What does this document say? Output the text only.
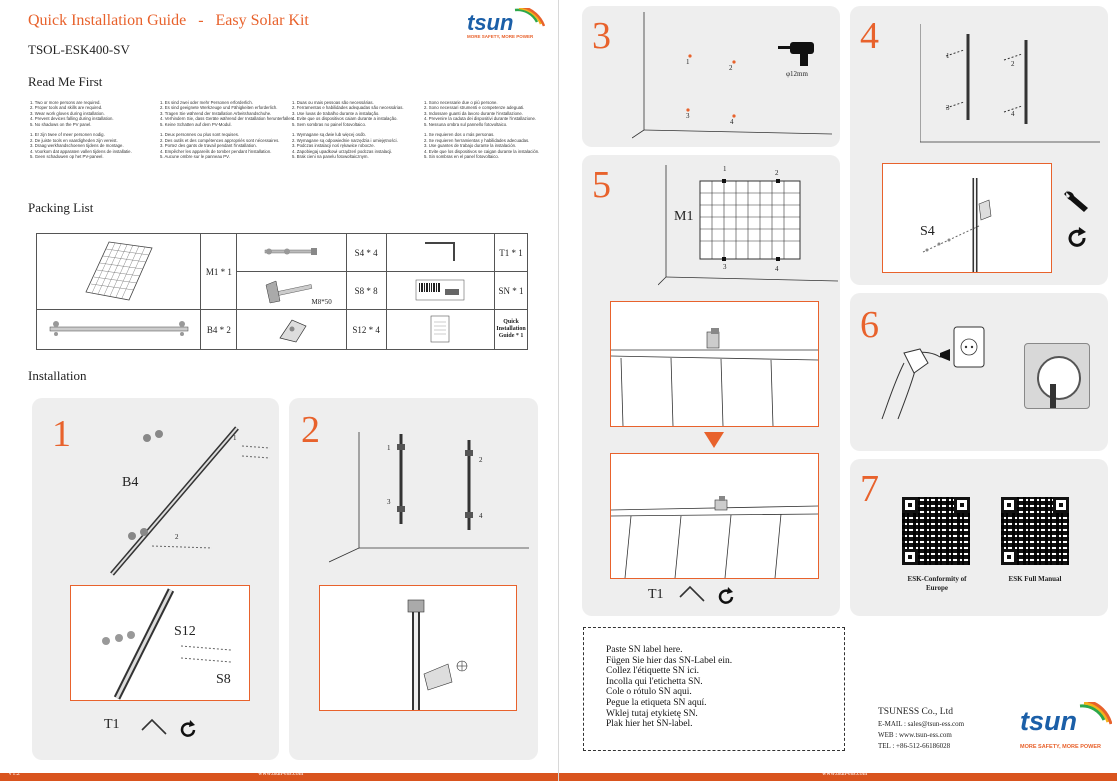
Quick Installation Guide   -   Easy Solar Kit
TSOL-ESK400-SV
tsun
MORE SAFETY, MORE POWER
Read Me First
1. Two or more persons are required.
2. Proper tools and skills are required.
3. Wear work gloves during installation.
4. Prevent devices falling during installation.
5. No shadows on the PV panel.

1. Er zijn twee of meer personen nodig.
2. De juiste tools en vaardigheden zijn vereist.
3. Draag werkhandschoenen tijdens de montage.
4. Voorkom dat apparaten vallen tijdens de installatie.
5. Geen schaduwen op het PV-paneel.
1. Es sind zwei oder mehr Personen erforderlich.
2. Es sind geeignete Werkzeuge und Fähigkeiten erforderlich.
3. Tragen Sie während der Installation Arbeitshandschuhe.
4. Verhindern Sie, dass Geräte während der Installation herunterfallen.
5. Keine Schatten auf dem PV-Modul.

1. Deux personnes ou plus sont requises.
2. Des outils et des compétences appropriés sont nécessaires.
3. Portez des gants de travail pendant l'installation.
4. Empêcher les appareils de tomber pendant l'installation.
5. Aucune ombre sur le panneau PV.
1. Duas ou mais pessoas são necessárias.
2. Ferramentas e habilidades adequadas são necessárias.
3. Use luvas de trabalho durante a instalação.
4. Evite que os dispositivos caiam durante a instalação.
5. Sem sombras no painel fotovoltaico.

1. Wymagane są dwie lub więcej osób.
2. Wymagane są odpowiednie narzędzia i umiejętności.
3. Podczas instalacji noś rękawice robocze.
4. Zapobiegaj upadkowi urządzeń podczas instalacji.
5. Brak cieni na panelu fotowoltaicznym.
1. Sono necessarie due o più persone.
2. Sono necessari strumenti e competenze adeguati.
3. Indossare guanti da lavoro durante l'installazione.
4. Prevenire la caduta dei dispositivi durante l'installazione.
5. Nessuna ombra sul pannello fotovoltaico.

1. Se requieren dos o más personas.
2. Se requieren herramientas y habilidades adecuadas.
3. Use guantes de trabajo durante la instalación.
4. Evite que los dispositivos se caigan durante la instalación.
5. Sin sombras en el panel fotovoltaico.
Packing List
	M1 * 1		S4 * 4		T1 * 1

		M8*50	S8 * 8		SN * 1
	B4 * 2		S12 * 4		Quick Installation Guide * 1
Installation
1
B4
1
2
S12
S8
T1
2	1
2
3
4
V1.2	www.tsun-ess.com	www.tsun-ess.com
3
1
2
3
4
φ12mm
4	1
2
3
4
S4
5
M1
1	2
3	4
T1
6
7
ESK-Conformity of Europe
ESK Full Manual
Paste SN label here.
Fügen Sie hier das SN-Label ein.
Collez l'étiquette SN ici.
Incolla qui l'etichetta SN.
Cole o rótulo SN aqui.
Pegue la etiqueta SN aquí.
Wklej tutaj etykietę SN.
Plak hier het SN-label.
TSUNESS Co., Ltd
E-MAIL : sales@tsun-ess.com
WEB : www.tsun-ess.com
TEL : +86-512-66186028
tsun
MORE SAFETY, MORE POWER
